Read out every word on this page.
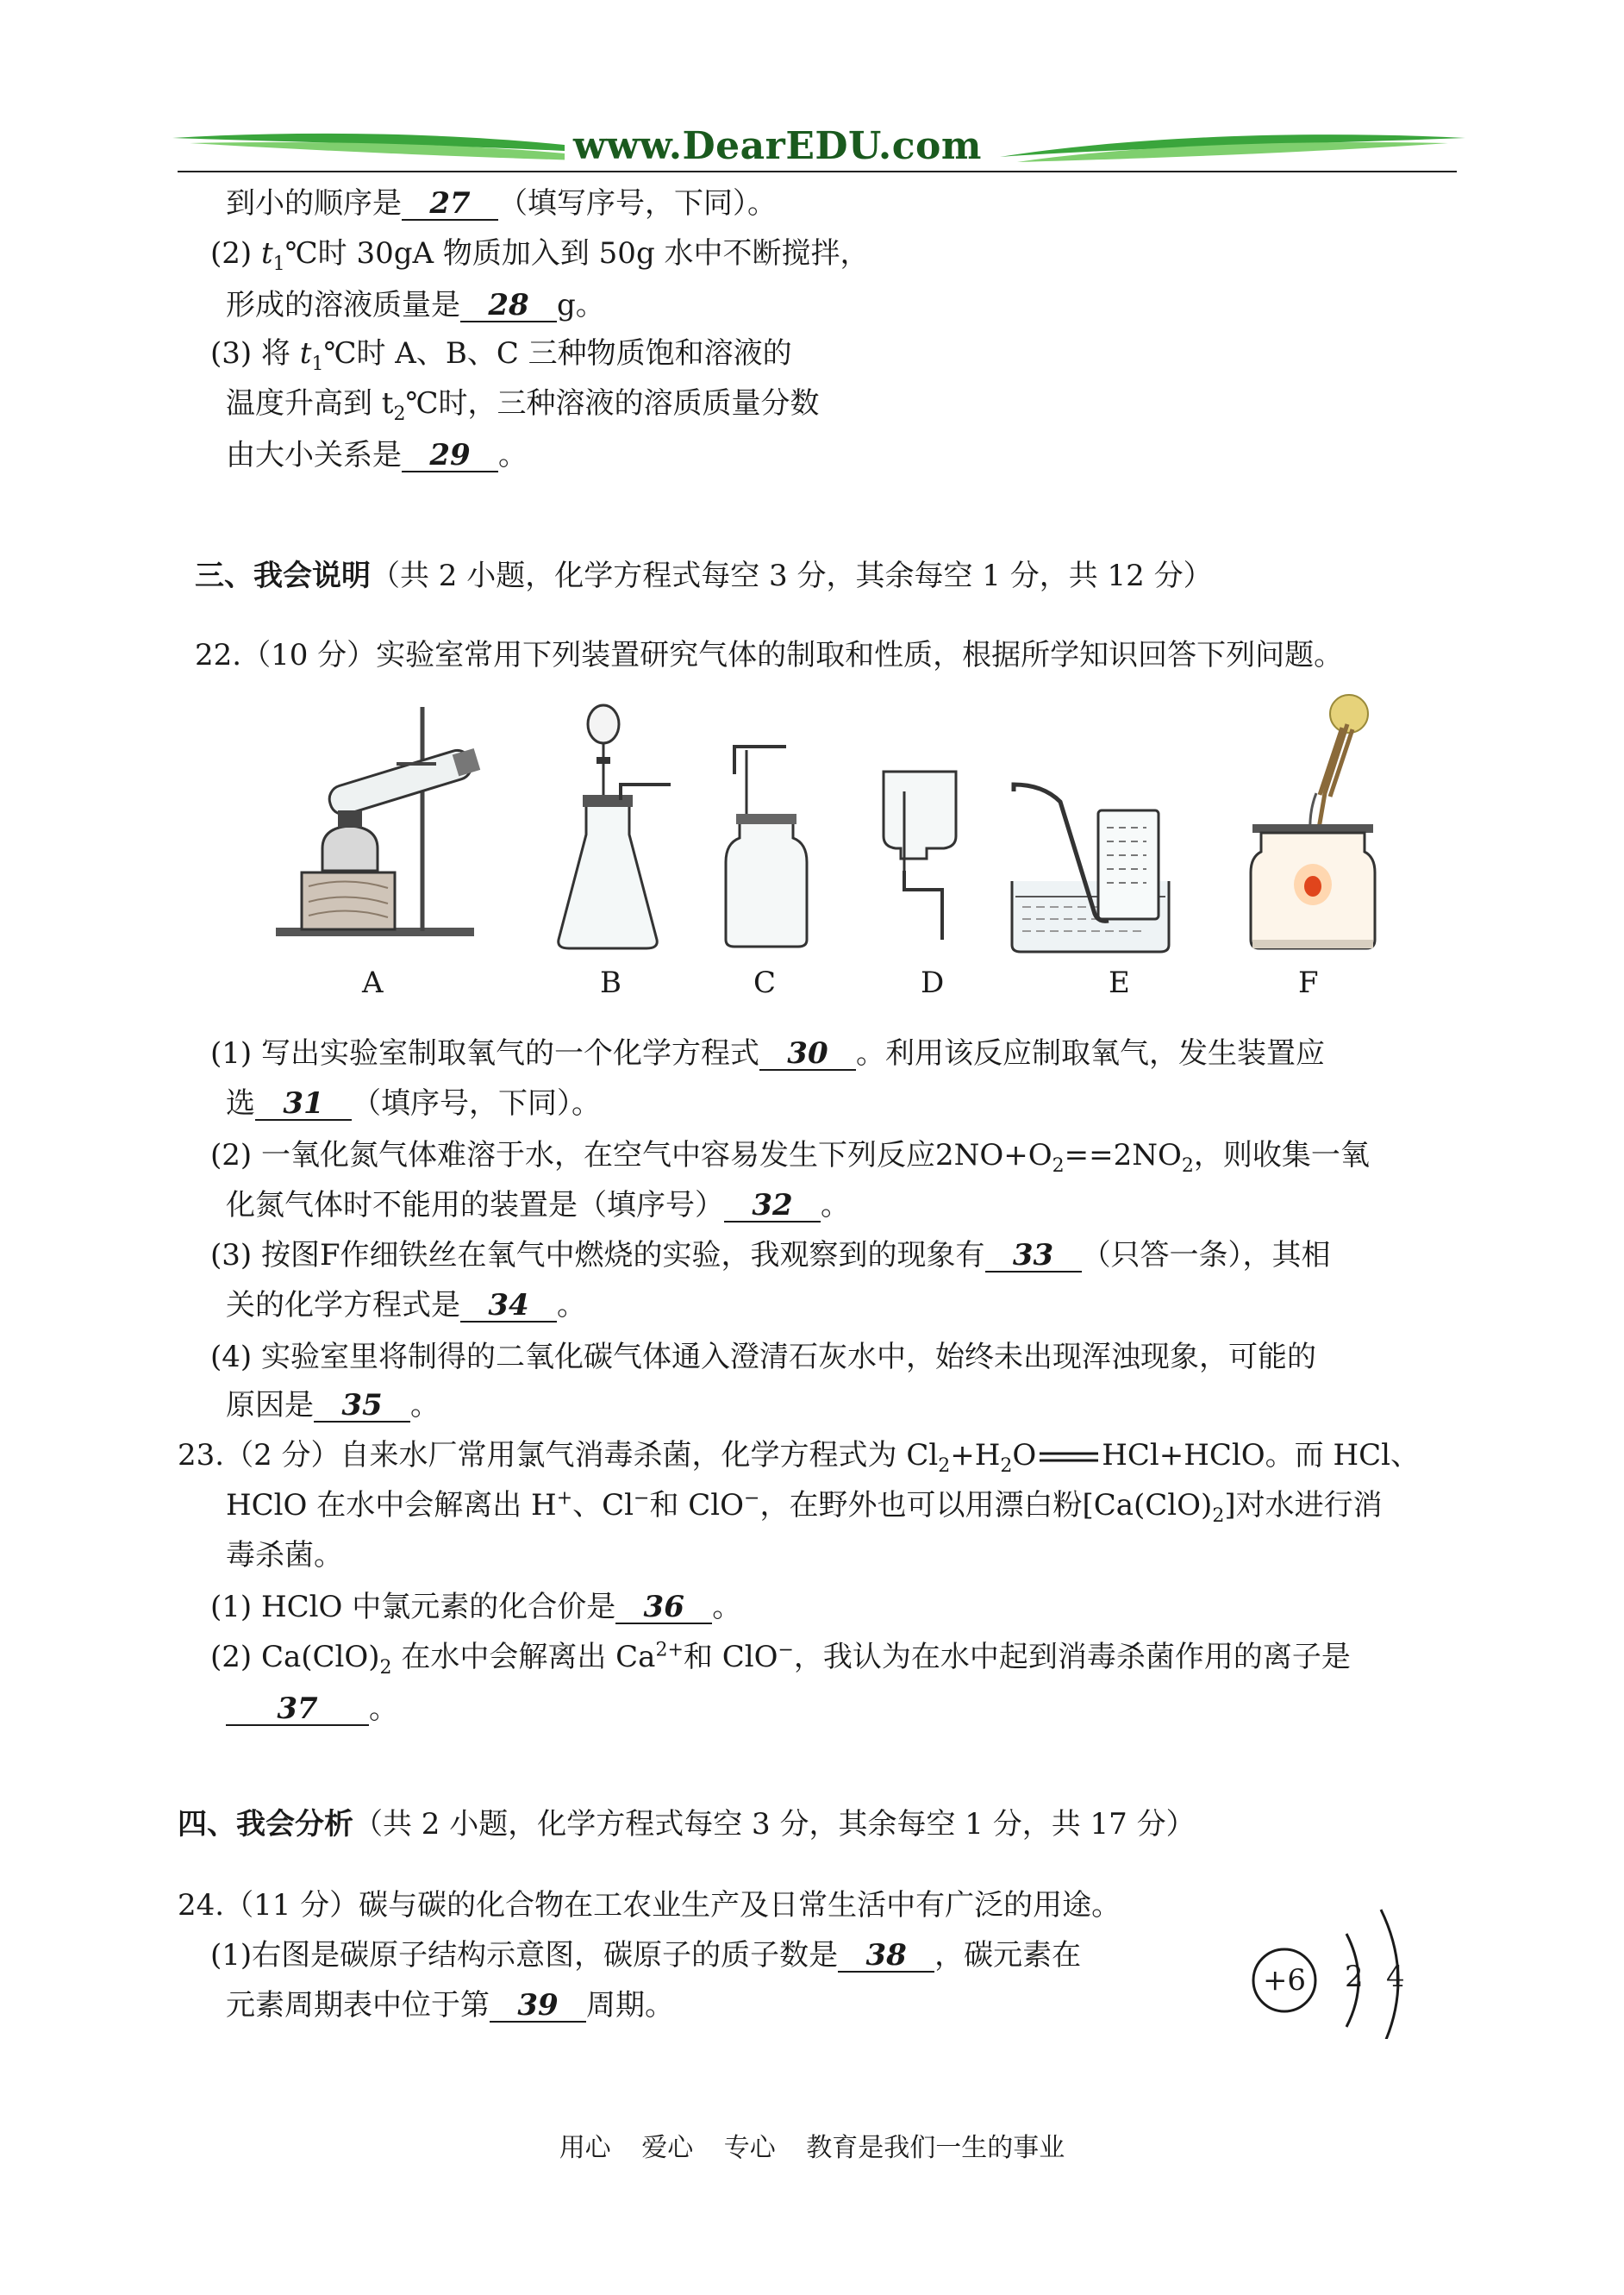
www.DearEDU.com
到小的顺序是 27 （填写序号，下同）。
(2) $t_1℃$时 30gA 物质加入到 50g 水中不断搅拌，
形成的溶液质量是 28 g。
(3) 将 $t_1℃$时 A、B、C 三种物质饱和溶液的
温度升高到 $t_2℃$时，三种溶液的溶质质量分数
由大小关系是 29 。
三、我会说明（共 2 小题，化学方程式每空 3 分，其余每空 1 分，共 12 分）
22.（10 分）实验室常用下列装置研究气体的制取和性质，根据所学知识回答下列问题。
A	B	C	D	E	F
(1) 写出实验室制取氧气的一个化学方程式 30 。利用该反应制取氧气，发生装置应
选 31 （填序号，下同）。
(2) 一氧化氮气体难溶于水，在空气中容易发生下列反应$2NO+O_2==2NO_2$，则收集一氧
化氮气体时不能用的装置是（填序号） 32 。
(3) 按图F作细铁丝在氧气中燃烧的实验，我观察到的现象有 33 （只答一条），其相
关的化学方程式是 34 。
(4) 实验室里将制得的二氧化碳气体通入澄清石灰水中，始终未出现浑浊现象，可能的
原因是 35 。
23.（2 分）自来水厂常用氯气消毒杀菌，化学方程式为 $Cl_2+H_2O$ HCl+HClO。而 HCl、
HClO 在水中会解离出 H+、Cl−和 ClO−，在野外也可以用漂白粉$[Ca(ClO)_2]$对水进行消
毒杀菌。
(1) HClO 中氯元素的化合价是 36 。
(2) $Ca(ClO)_2$ 在水中会解离出 $Ca^{2+}$和 ClO−，我认为在水中起到消毒杀菌作用的离子是
37 。
四、我会分析（共 2 小题，化学方程式每空 3 分，其余每空 1 分，共 17 分）
24.（11 分）碳与碳的化合物在工农业生产及日常生活中有广泛的用途。
(1)右图是碳原子结构示意图，碳原子的质子数是 38 ，碳元素在
元素周期表中位于第 39 周期。
+6 2 4
用心 爱心 专心 教育是我们一生的事业
